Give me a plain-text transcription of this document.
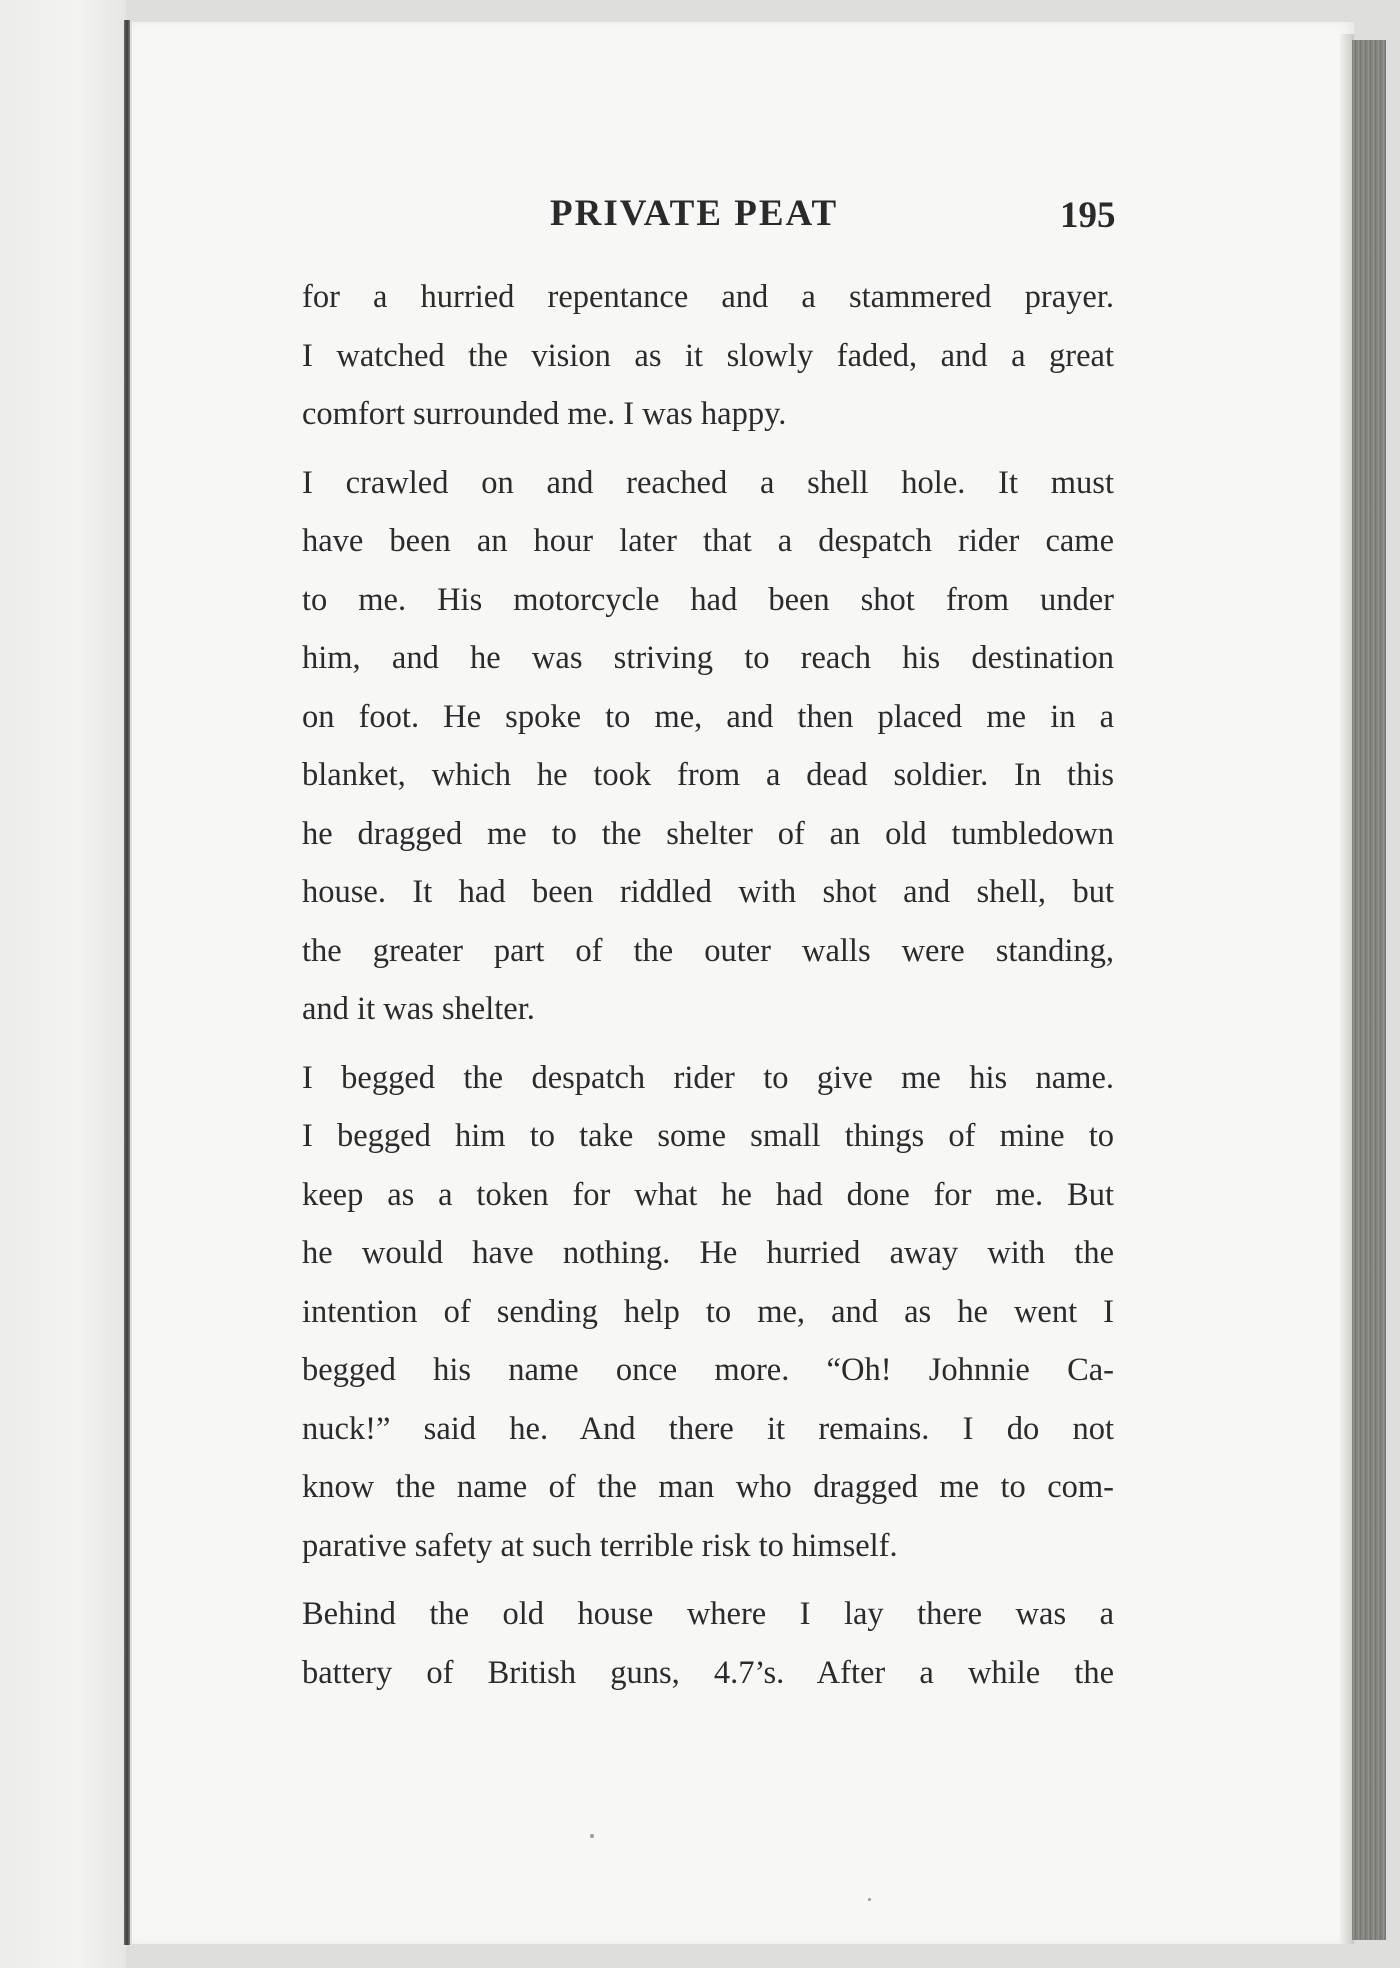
PRIVATE PEAT	195
for a hurried repentance and a stammered prayer.
I watched the vision as it slowly faded, and a great
comfort surrounded me. I was happy.
I crawled on and reached a shell hole. It must
have been an hour later that a despatch rider came
to me. His motorcycle had been shot from under
him, and he was striving to reach his destination
on foot. He spoke to me, and then placed me in a
blanket, which he took from a dead soldier. In this
he dragged me to the shelter of an old tumbledown
house. It had been riddled with shot and shell, but
the greater part of the outer walls were standing,
and it was shelter.
I begged the despatch rider to give me his name.
I begged him to take some small things of mine to
keep as a token for what he had done for me. But
he would have nothing. He hurried away with the
intention of sending help to me, and as he went I
begged his name once more. “Oh! Johnnie Ca-
nuck!” said he. And there it remains. I do not
know the name of the man who dragged me to com-
parative safety at such terrible risk to himself.
Behind the old house where I lay there was a
battery of British guns, 4.7’s. After a while the
